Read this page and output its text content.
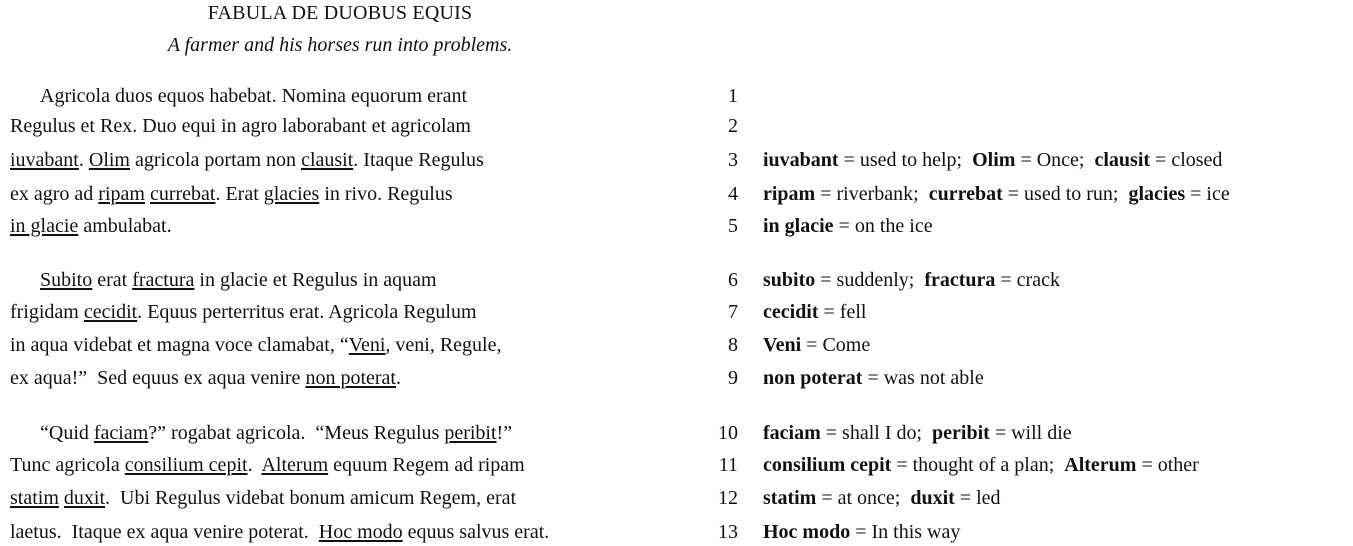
FABULA DE DUOBUS EQUIS
A farmer and his horses run into problems.
Agricola duos equos habebat. Nomina equorum erant	1
Regulus et Rex. Duo equi in agro laborabant et agricolam	2
iuvabant. Olim agricola portam non clausit. Itaque Regulus	3 iuvabant = used to help;  Olim = Once;  clausit = closed
ex agro ad ripam currebat. Erat glacies in rivo. Regulus	4 ripam = riverbank;  currebat = used to run;  glacies = ice
in glacie ambulabat.	5 in glacie = on the ice
Subito erat fractura in glacie et Regulus in aquam	6 subito = suddenly;  fractura = crack
frigidam cecidit. Equus perterritus erat. Agricola Regulum	7 cecidit = fell
in aqua videbat et magna voce clamabat, “Veni, veni, Regule,	8 Veni = Come
ex aqua!”  Sed equus ex aqua venire non poterat.	9 non poterat = was not able
“Quid faciam?” rogabat agricola.  “Meus Regulus peribit!”	10 faciam = shall I do;  peribit = will die
Tunc agricola consilium cepit.  Alterum equum Regem ad ripam	11 consilium cepit = thought of a plan;  Alterum = other
statim duxit.  Ubi Regulus videbat bonum amicum Regem, erat	12 statim = at once;  duxit = led
laetus.  Itaque ex aqua venire poterat.  Hoc modo equus salvus erat.	13 Hoc modo = In this way
